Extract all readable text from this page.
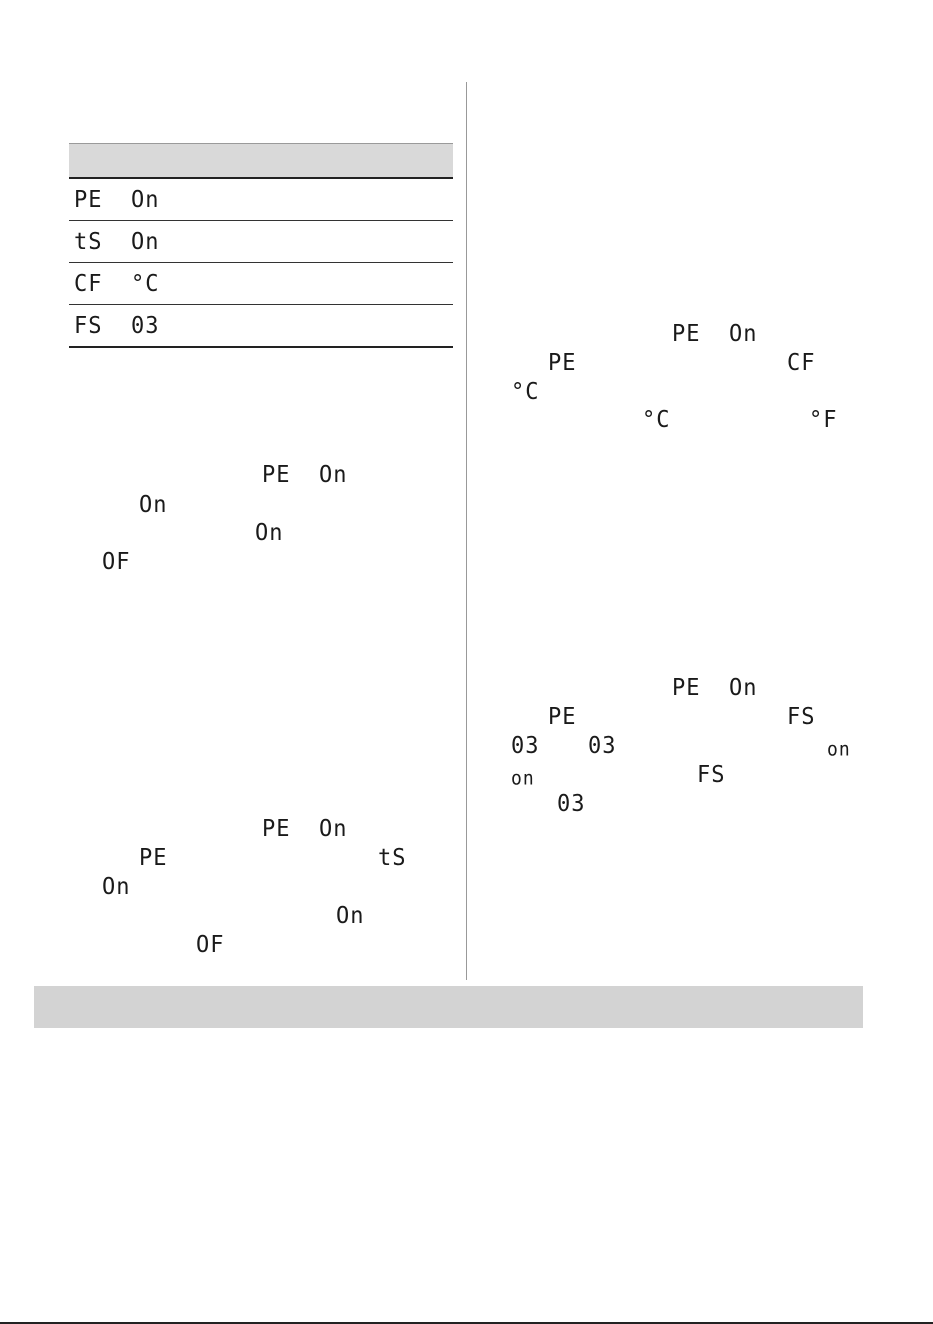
PE  On
tS  On
CF  °C
FS  03
PE  On
On
On
OF
PE  On
PE	tS
On
On
OF
PE  On
PE	CF
°C
°C	°F
PE  On
PE	FS
03 03	on
on	FS
03
